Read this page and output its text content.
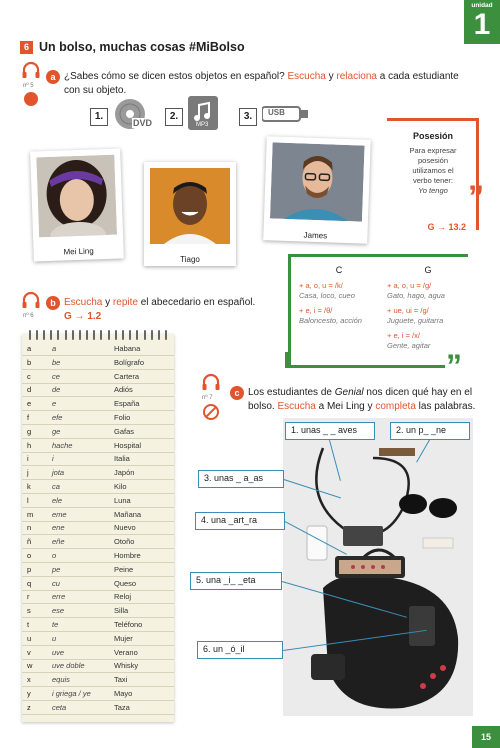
unidad
1
6 Un bolso, muchas cosas #MiBolso
nº 5
a ¿Sabes cómo se dicen estos objetos en español? Escucha y relaciona a cada estudiante con su objeto.
1.
DVD
2.
MP3
3.	USB
Mei Ling
Tiago
James
Posesión

Para expresar
posesión
utilizamos el
verbo tener:
Yo tengo ”
G → 13.2
C
+ a, o, u = /k/
Casa, loco, cueo
+ e, i = /θ/
Baloncesto, acción
G
+ a, o, u = /g/
Gato, hago, agua
+ ue, ui = /g/
Juguete, guitarra
+ e, i = /x/
Gente, agitar
”
nº 6
b Escucha y repite el abecedario en español.
G → 1.2
a	a	Habana
b	be	Bolígrafo
c	ce	Cartera
d	de	Adiós
e	e	España
f	efe	Folio
g	ge	Gafas
h	hache	Hospital
i	i	Italia
j	jota	Japón
k	ca	Kilo
l	ele	Luna
m	eme	Mañana
n	ene	Nuevo
ñ	eñe	Otoño
o	o	Hombre
p	pe	Peine
q	cu	Queso
r	erre	Reloj
s	ese	Silla
t	te	Teléfono
u	u	Mujer
v	uve	Verano
w	uve doble	Whisky
x	equis	Taxi
y	i griega / ye	Mayo
z	ceta	Taza
nº 7	c Los estudiantes de Genial nos dicen qué hay en el bolso. Escucha a Mei Ling y completa las palabras.
1. unas _ _ aves	2. un p_ _ne
3. unas _ a_as
4. una _art_ra
5. una _i_ _eta
6. un _ó_il
15
